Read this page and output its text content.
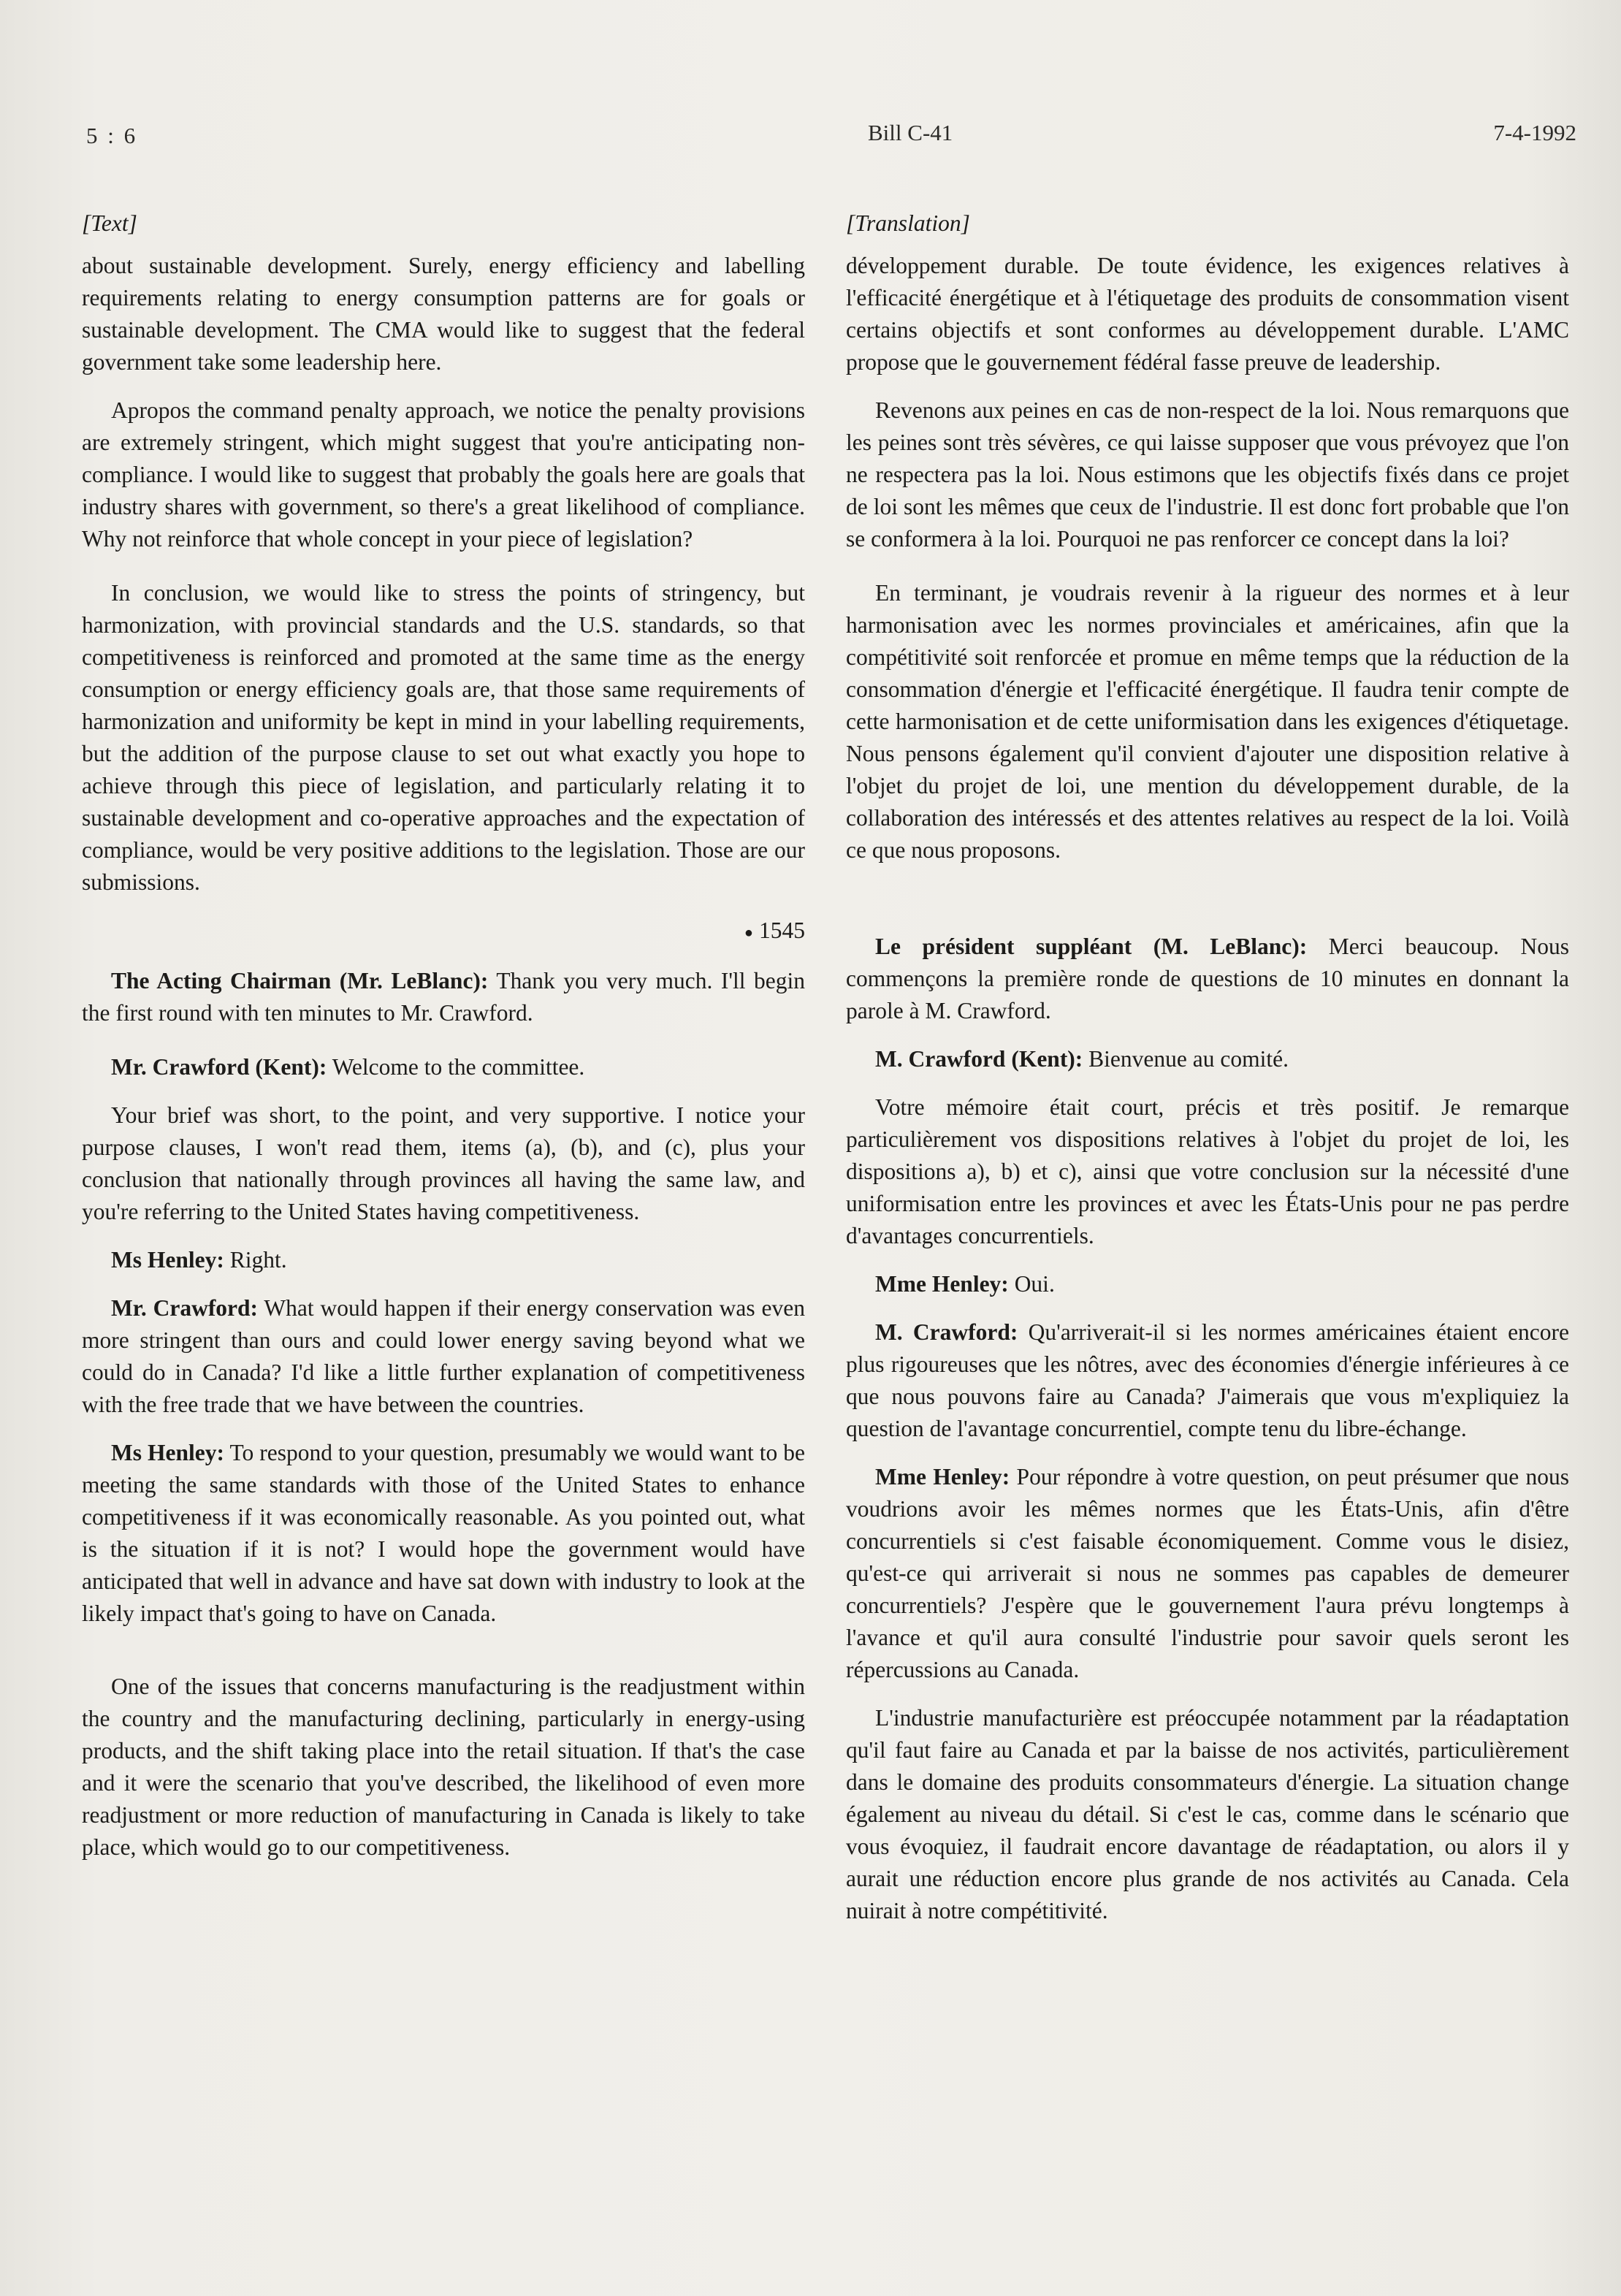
5 : 6	Bill C-41	7-4-1992

[Text]

about sustainable development. Surely, energy efficiency and labelling requirements relating to energy consumption patterns are for goals or sustainable development. The CMA would like to suggest that the federal government take some leadership here.

Apropos the command penalty approach, we notice the penalty provisions are extremely stringent, which might suggest that you're anticipating non-compliance. I would like to suggest that probably the goals here are goals that industry shares with government, so there's a great likelihood of compliance. Why not reinforce that whole concept in your piece of legislation?

In conclusion, we would like to stress the points of stringency, but harmonization, with provincial standards and the U.S. standards, so that competitiveness is reinforced and promoted at the same time as the energy consumption or energy efficiency goals are, that those same requirements of harmonization and uniformity be kept in mind in your labelling requirements, but the addition of the purpose clause to set out what exactly you hope to achieve through this piece of legislation, and particularly relating it to sustainable development and co-operative approaches and the expectation of compliance, would be very positive additions to the legislation. Those are our submissions.

● 1545

The Acting Chairman (Mr. LeBlanc): Thank you very much. I'll begin the first round with ten minutes to Mr. Crawford.

Mr. Crawford (Kent): Welcome to the committee.

Your brief was short, to the point, and very supportive. I notice your purpose clauses, I won't read them, items (a), (b), and (c), plus your conclusion that nationally through provinces all having the same law, and you're referring to the United States having competitiveness.

Ms Henley: Right.

Mr. Crawford: What would happen if their energy conservation was even more stringent than ours and could lower energy saving beyond what we could do in Canada? I'd like a little further explanation of competitiveness with the free trade that we have between the countries.

Ms Henley: To respond to your question, presumably we would want to be meeting the same standards with those of the United States to enhance competitiveness if it was economically reasonable. As you pointed out, what is the situation if it is not? I would hope the government would have anticipated that well in advance and have sat down with industry to look at the likely impact that's going to have on Canada.

One of the issues that concerns manufacturing is the readjustment within the country and the manufacturing declining, particularly in energy-using products, and the shift taking place into the retail situation. If that's the case and it were the scenario that you've described, the likelihood of even more readjustment or more reduction of manufacturing in Canada is likely to take place, which would go to our competitiveness.

[Translation]

développement durable. De toute évidence, les exigences relatives à l'efficacité énergétique et à l'étiquetage des produits de consommation visent certains objectifs et sont conformes au développement durable. L'AMC propose que le gouvernement fédéral fasse preuve de leadership.

Revenons aux peines en cas de non-respect de la loi. Nous remarquons que les peines sont très sévères, ce qui laisse supposer que vous prévoyez que l'on ne respectera pas la loi. Nous estimons que les objectifs fixés dans ce projet de loi sont les mêmes que ceux de l'industrie. Il est donc fort probable que l'on se conformera à la loi. Pourquoi ne pas renforcer ce concept dans la loi?

En terminant, je voudrais revenir à la rigueur des normes et à leur harmonisation avec les normes provinciales et américaines, afin que la compétitivité soit renforcée et promue en même temps que la réduction de la consommation d'énergie et l'efficacité énergétique. Il faudra tenir compte de cette harmonisation et de cette uniformisation dans les exigences d'étiquetage. Nous pensons également qu'il convient d'ajouter une disposition relative à l'objet du projet de loi, une mention du développement durable, de la collaboration des intéressés et des attentes relatives au respect de la loi. Voilà ce que nous proposons.

Le président suppléant (M. LeBlanc): Merci beaucoup. Nous commençons la première ronde de questions de 10 minutes en donnant la parole à M. Crawford.

M. Crawford (Kent): Bienvenue au comité.

Votre mémoire était court, précis et très positif. Je remarque particulièrement vos dispositions relatives à l'objet du projet de loi, les dispositions a), b) et c), ainsi que votre conclusion sur la nécessité d'une uniformisation entre les provinces et avec les États-Unis pour ne pas perdre d'avantages concurrentiels.

Mme Henley: Oui.

M. Crawford: Qu'arriverait-il si les normes américaines étaient encore plus rigoureuses que les nôtres, avec des économies d'énergie inférieures à ce que nous pouvons faire au Canada? J'aimerais que vous m'expliquiez la question de l'avantage concurrentiel, compte tenu du libre-échange.

Mme Henley: Pour répondre à votre question, on peut présumer que nous voudrions avoir les mêmes normes que les États-Unis, afin d'être concurrentiels si c'est faisable économiquement. Comme vous le disiez, qu'est-ce qui arriverait si nous ne sommes pas capables de demeurer concurrentiels? J'espère que le gouvernement l'aura prévu longtemps à l'avance et qu'il aura consulté l'industrie pour savoir quels seront les répercussions au Canada.

L'industrie manufacturière est préoccupée notamment par la réadaptation qu'il faut faire au Canada et par la baisse de nos activités, particulièrement dans le domaine des produits consommateurs d'énergie. La situation change également au niveau du détail. Si c'est le cas, comme dans le scénario que vous évoquiez, il faudrait encore davantage de réadaptation, ou alors il y aurait une réduction encore plus grande de nos activités au Canada. Cela nuirait à notre compétitivité.
